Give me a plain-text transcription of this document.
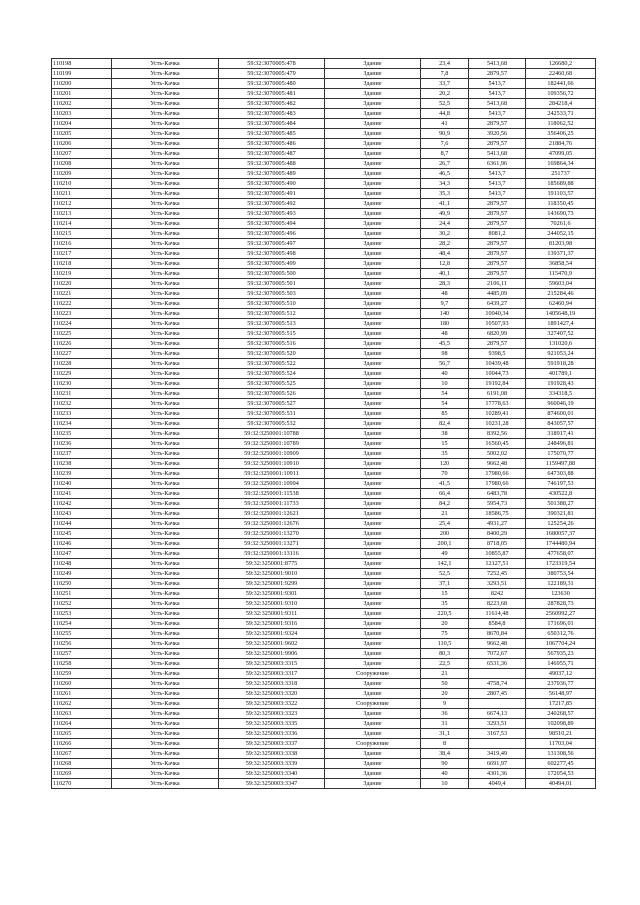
110198	Усть-Качка	59:32:3070005:478	Здание	23,4	5413,68	126680,2
110199	Усть-Качка	59:32:3070005:479	Здание	7,8	2879,57	22460,68
110200	Усть-Качка	59:32:3070005:480	Здание	33,7	5413,7	182441,66
110201	Усть-Качка	59:32:3070005:481	Здание	20,2	5413,7	109356,72
110202	Усть-Качка	59:32:3070005:482	Здание	52,5	5413,68	284218,4
110203	Усть-Качка	59:32:3070005:483	Здание	44,8	5413,7	242533,71
110204	Усть-Качка	59:32:3070005:484	Здание	41	2879,57	118062,52
110205	Усть-Качка	59:32:3070005:485	Здание	90,9	3920,56	356406,25
110206	Усть-Качка	59:32:3070005:486	Здание	7,6	2879,57	21884,76
110207	Усть-Качка	59:32:3070005:487	Здание	8,7	5413,68	47099,05
110208	Усть-Качка	59:32:3070005:488	Здание	26,7	6361,96	169864,34
110209	Усть-Качка	59:32:3070005:489	Здание	46,5	5413,7	251737
110210	Усть-Качка	59:32:3070005:490	Здание	34,3	5413,7	185689,88
110211	Усть-Качка	59:32:3070005:491	Здание	35,3	5413,7	191103,57
110212	Усть-Качка	59:32:3070005:492	Здание	41,1	2879,57	118350,45
110213	Усть-Качка	59:32:3070005:493	Здание	49,9	2879,57	143690,73
110214	Усть-Качка	59:32:3070005:494	Здание	24,4	2879,57	70261,6
110215	Усть-Качка	59:32:3070005:496	Здание	30,2	8081,2	244052,15
110216	Усть-Качка	59:32:3070005:497	Здание	28,2	2879,57	81203,98
110217	Усть-Качка	59:32:3070005:498	Здание	48,4	2879,57	139371,37
110218	Усть-Качка	59:32:3070005:499	Здание	12,8	2879,57	36858,54
110219	Усть-Качка	59:32:3070005:500	Здание	40,1	2879,57	115470,9
110220	Усть-Качка	59:32:3070005:501	Здание	28,3	2106,11	59603,04
110221	Усть-Качка	59:32:3070005:503	Здание	48	4485,09	215284,46
110222	Усть-Качка	59:32:3070005:510	Здание	9,7	6439,27	62460,94
110223	Усть-Качка	59:32:3070005:512	Здание	140	10040,34	1405648,19
110224	Усть-Качка	59:32:3070005:513	Здание	180	10507,93	1891427,4
110225	Усть-Качка	59:32:3070005:515	Здание	48	6820,99	327407,52
110226	Усть-Качка	59:32:3070005:516	Здание	45,5	2879,57	131020,6
110227	Усть-Качка	59:32:3070005:520	Здание	98	9398,5	921053,24
110228	Усть-Качка	59:32:3070005:522	Здание	56,7	10439,48	591918,28
110229	Усть-Качка	59:32:3070005:524	Здание	40	10044,73	401789,1
110230	Усть-Качка	59:32:3070005:525	Здание	10	19192,84	191928,43
110231	Усть-Качка	59:32:3070005:526	Здание	54	6191,08	334318,5
110232	Усть-Качка	59:32:3070005:527	Здание	54	17778,63	960046,19
110233	Усть-Качка	59:32:3070005:531	Здание	85	10289,41	874600,01
110234	Усть-Качка	59:32:3070005:532	Здание	82,4	10231,28	843057,57
110235	Усть-Качка	59:32:3250001:10788	Здание	38	8392,56	318917,41
110236	Усть-Качка	59:32:3250001:10789	Здание	15	16560,45	248496,81
110237	Усть-Качка	59:32:3250001:10909	Здание	35	5002,02	175070,77
110238	Усть-Качка	59:32:3250001:10910	Здание	120	9662,48	1159497,88
110239	Усть-Качка	59:32:3250001:10911	Здание	70	17980,66	647303,88
110240	Усть-Качка	59:32:3250001:10994	Здание	41,5	17980,66	746197,53
110241	Усть-Качка	59:32:3250001:11538	Здание	66,4	6483,78	430522,8
110242	Усть-Качка	59:32:3250001:11733	Здание	84,2	5954,73	501388,27
110243	Усть-Качка	59:32:3250001:12621	Здание	21	18586,75	390321,81
110244	Усть-Качка	59:32:3250001:12676	Здание	25,4	4931,27	125254,26
110245	Усть-Качка	59:32:3250001:13270	Здание	200	8400,29	1680057,37
110246	Усть-Качка	59:32:3250001:13271	Здание	200,1	8718,05	1744480,94
110247	Усть-Качка	59:32:3250001:13116	Здание	49	10855,87	477658,07
110248	Усть-Качка	59:32:3250001:8775	Здание	142,1	12127,51	1723319,54
110249	Усть-Качка	59:32:3250001:9010	Здание	52,5	7252,45	380753,54
110250	Усть-Качка	59:32:3250001:9299	Здание	37,1	3293,51	122189,31
110251	Усть-Качка	59:32:3250001:9301	Здание	15	8242	123630
110252	Усть-Качка	59:32:3250001:9310	Здание	35	8223,68	287828,73
110253	Усть-Качка	59:32:3250001:9311	Здание	220,5	11614,48	2560992,27
110254	Усть-Качка	59:32:3250001:9316	Здание	20	8584,8	171696,01
110255	Усть-Качка	59:32:3250001:9324	Здание	75	8670,84	650312,76
110256	Усть-Качка	59:32:3250001:9602	Здание	110,5	9662,48	1067704,24
110257	Усть-Качка	59:32:3250001:9906	Здание	80,3	7072,67	567935,23
110258	Усть-Качка	59:32:3250003:3315	Здание	22,5	6531,36	146955,71
110259	Усть-Качка	59:32:3250003:3317	Сооружение	21		49037,12
110260	Усть-Качка	59:32:3250003:3318	Здание	50	4758,74	237936,77
110261	Усть-Качка	59:32:3250003:3320	Здание	20	2807,45	56148,97
110262	Усть-Качка	59:32:3250003:3322	Сооружение	9		17217,85
110263	Усть-Качка	59:32:3250003:3323	Здание	36	6674,13	240268,57
110264	Усть-Качка	59:32:3250003:3335	Здание	31	3293,51	102098,89
110265	Усть-Качка	59:32:3250003:3336	Здание	31,1	3167,53	98510,21
110266	Усть-Качка	59:32:3250003:3337	Сооружение	8		11703,04
110267	Усть-Качка	59:32:3250003:3338	Здание	38,4	3419,49	131308,56
110268	Усть-Качка	59:32:3250003:3339	Здание	90	6691,97	602277,45
110269	Усть-Качка	59:32:3250003:3340	Здание	40	4301,36	172054,53
110270	Усть-Качка	59:32:3250003:3347	Здание	10	4049,4	40494,01
